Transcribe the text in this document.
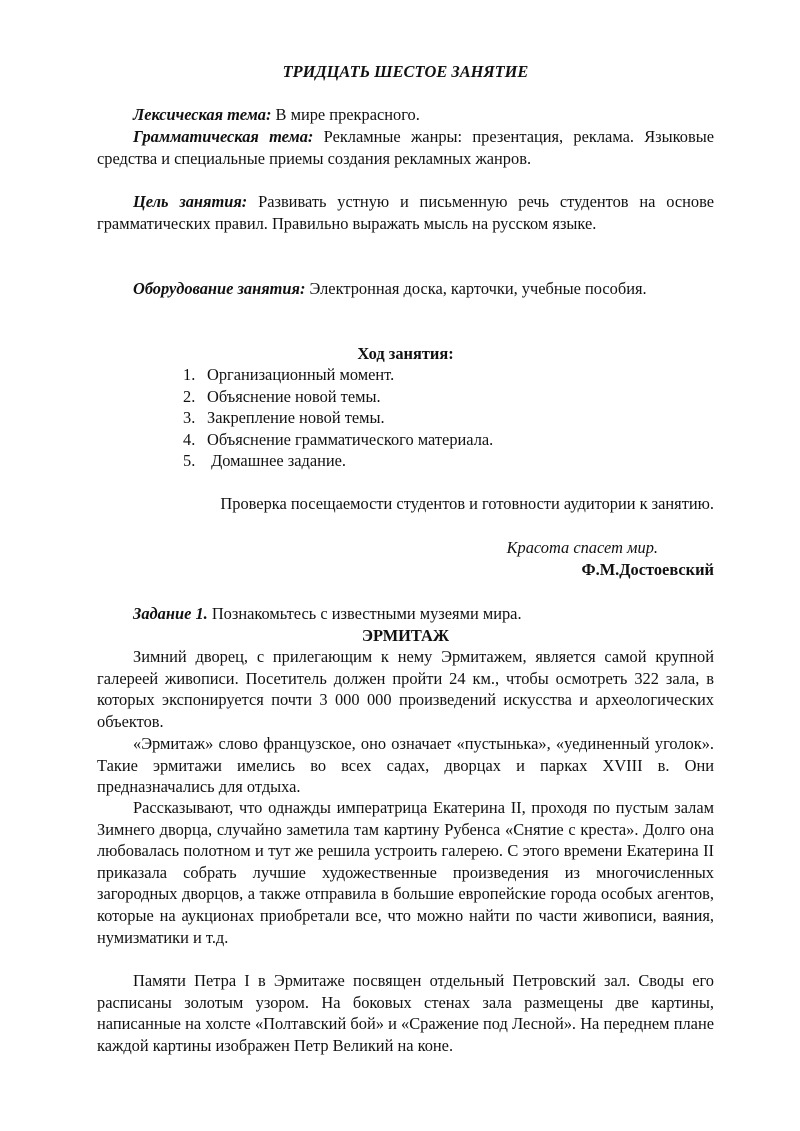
ТРИДЦАТЬ ШЕСТОЕ ЗАНЯТИЕ
Лексическая тема: В мире прекрасного.
Грамматическая тема: Рекламные жанры: презентация, реклама. Языковые средства и специальные приемы создания рекламных жанров.
Цель занятия: Развивать устную и письменную речь студентов на основе грамматических правил. Правильно выражать мысль на русском языке.
Оборудование занятия: Электронная доска, карточки, учебные пособия.
Ход занятия:
1. Организационный момент.
2. Объяснение новой темы.
3. Закрепление новой темы.
4. Объяснение грамматического материала.
5. Домашнее задание.
Проверка посещаемости студентов и готовности аудитории к занятию.
Красота спасет мир.
Ф.М.Достоевский
Задание 1. Познакомьтесь с известными музеями мира.
ЭРМИТАЖ
Зимний дворец, с прилегающим к нему Эрмитажем, является самой крупной галереей живописи. Посетитель должен пройти 24 км., чтобы осмотреть 322 зала, в которых экспонируется почти 3 000 000 произведений искусства и археологических объектов.
«Эрмитаж» слово французское, оно означает «пустынька», «уединенный уголок». Такие эрмитажи имелись во всех садах, дворцах и парках XVIII в. Они предназначались для отдыха.
Рассказывают, что однажды императрица Екатерина II, проходя по пустым залам Зимнего дворца, случайно заметила там картину Рубенса «Снятие с креста». Долго она любовалась полотном и тут же решила устроить галерею. С этого времени Екатерина II приказала собрать лучшие художественные произведения из многочисленных загородных дворцов, а также отправила в большие европейские города особых агентов, которые на аукционах приобретали все, что можно найти по части живописи, ваяния, нумизматики и т.д.
Памяти Петра I в Эрмитаже посвящен отдельный Петровский зал. Своды его расписаны золотым узором. На боковых стенах зала размещены две картины, написанные на холсте «Полтавский бой» и «Сражение под Лесной». На переднем плане каждой картины изображен Петр Великий на коне.
